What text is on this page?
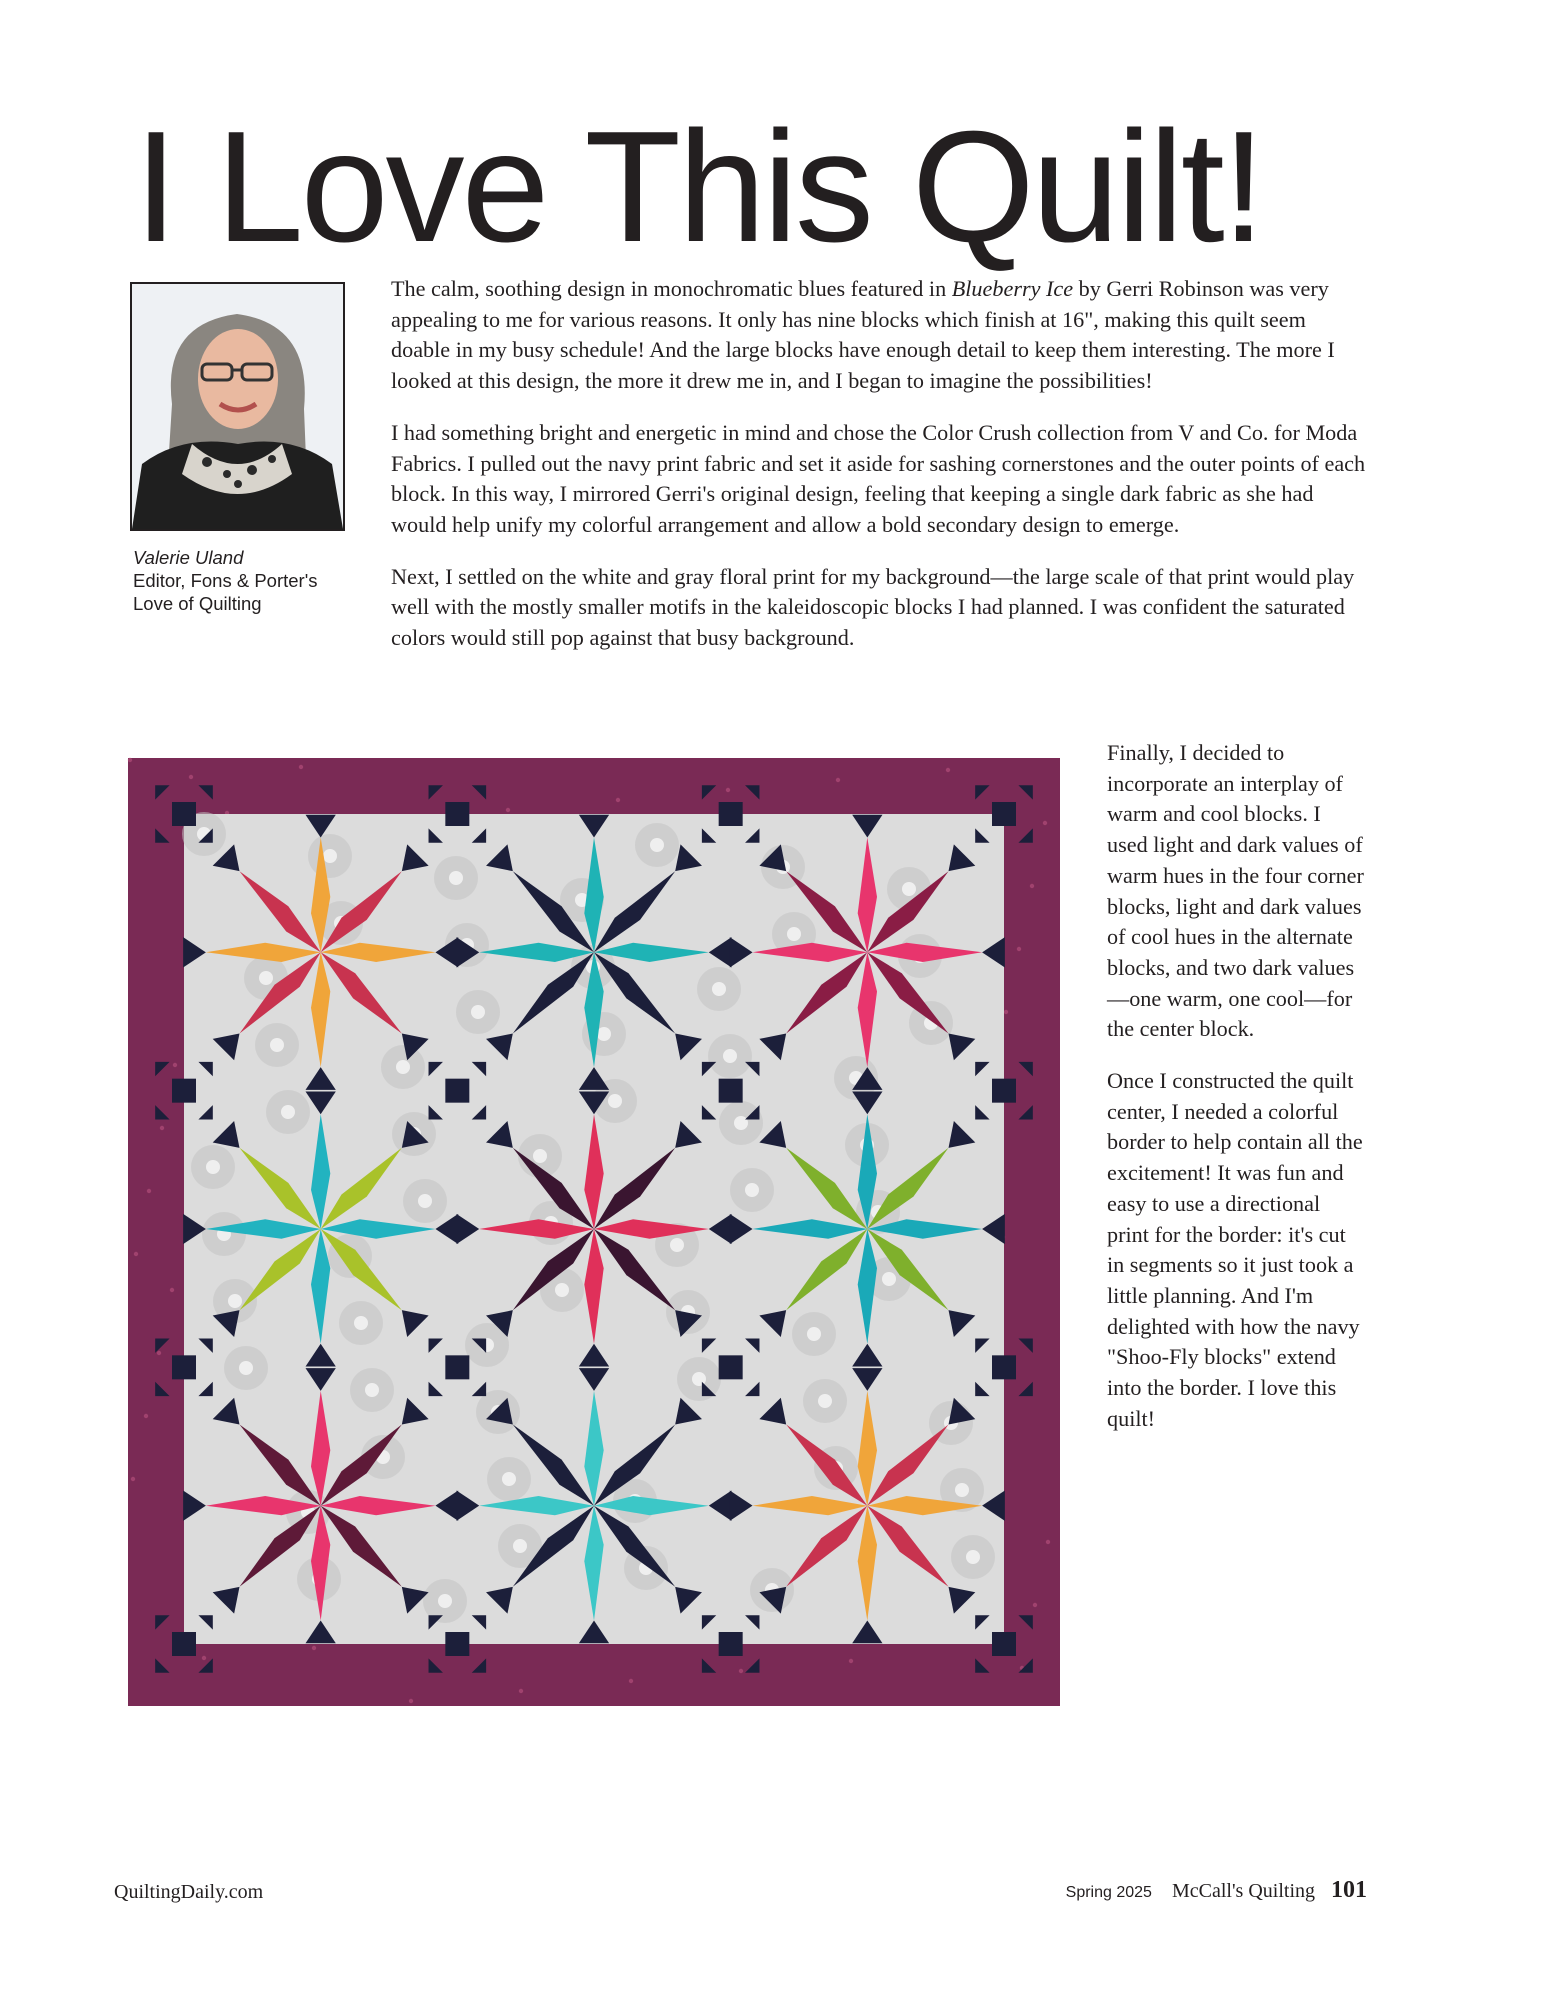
I Love This Quilt!
Valerie Uland
Editor, Fons & Porter's
Love of Quilting

The calm, soothing design in monochromatic blues featured in Blueberry Ice by Gerri Robinson was very appealing to me for various reasons. It only has nine blocks which finish at 16", making this quilt seem doable in my busy schedule! And the large blocks have enough detail to keep them interesting. The more I looked at this design, the more it drew me in, and I began to imagine the possibilities!

I had something bright and energetic in mind and chose the Color Crush collection from V and Co. for Moda Fabrics. I pulled out the navy print fabric and set it aside for sashing cornerstones and the outer points of each block. In this way, I mirrored Gerri's original design, feeling that keeping a single dark fabric as she had would help unify my colorful arrangement and allow a bold secondary design to emerge.

Next, I settled on the white and gray floral print for my background—the large scale of that print would play well with the mostly smaller motifs in the kaleidoscopic blocks I had planned. I was confident the saturated colors would still pop against that busy background.

Finally, I decided to incorporate an interplay of warm and cool blocks. I used light and dark values of warm hues in the four corner blocks, light and dark values of cool hues in the alternate blocks, and two dark values—one warm, one cool—for the center block.

Once I constructed the quilt center, I needed a colorful border to help contain all the excitement! It was fun and easy to use a directional print for the border: it's cut in segments so it just took a little planning. And I'm delighted with how the navy "Shoo-Fly blocks" extend into the border. I love this quilt!

QuiltingDaily.com	Spring 2025 McCall's Quilting 101
